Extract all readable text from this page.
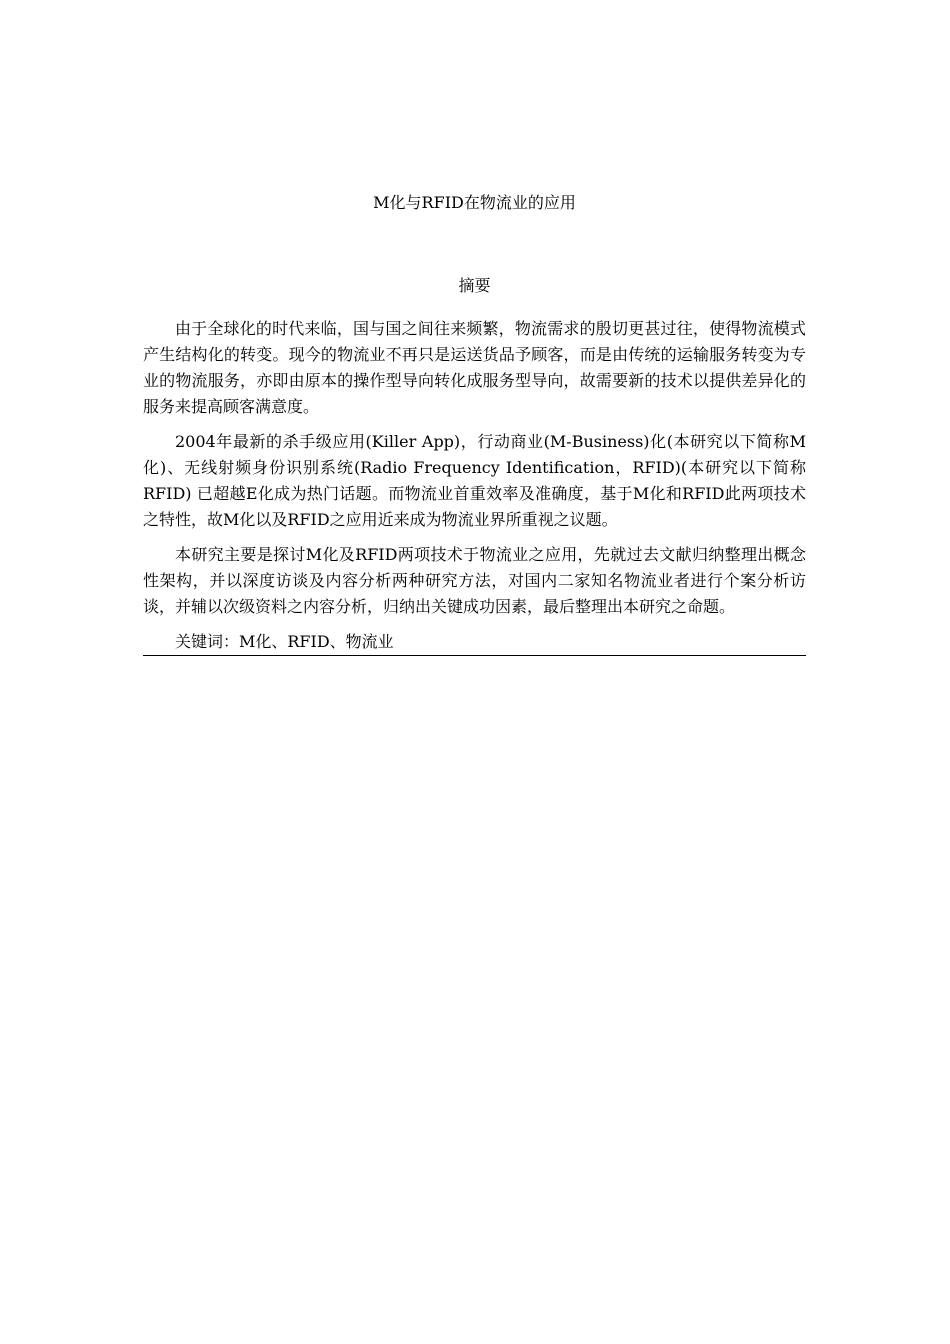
M化与RFID在物流业的应用
摘要

由于全球化的时代来临，国与国之间往来频繁，物流需求的殷切更甚过往，使得物流模式产生结构化的转变。现今的物流业不再只是运送货品予顾客，而是由传统的运输服务转变为专业的物流服务，亦即由原本的操作型导向转化成服务型导向，故需要新的技术以提供差异化的服务来提高顾客满意度。

2004年最新的杀手级应用(Killer App)，行动商业(M-Business)化(本研究以下简称M化)、无线射频身份识别系统(Radio Frequency Identification，RFID)(本研究以下简称RFID) 已超越E化成为热门话题。而物流业首重效率及准确度，基于M化和RFID此两项技术之特性，故M化以及RFID之应用近来成为物流业界所重视之议题。

本研究主要是探讨M化及RFID两项技术于物流业之应用，先就过去文献归纳整理出概念性架构，并以深度访谈及内容分析两种研究方法，对国内二家知名物流业者进行个案分析访谈，并辅以次级资料之内容分析，归纳出关键成功因素，最后整理出本研究之命题。

关键词：M化、RFID、物流业
